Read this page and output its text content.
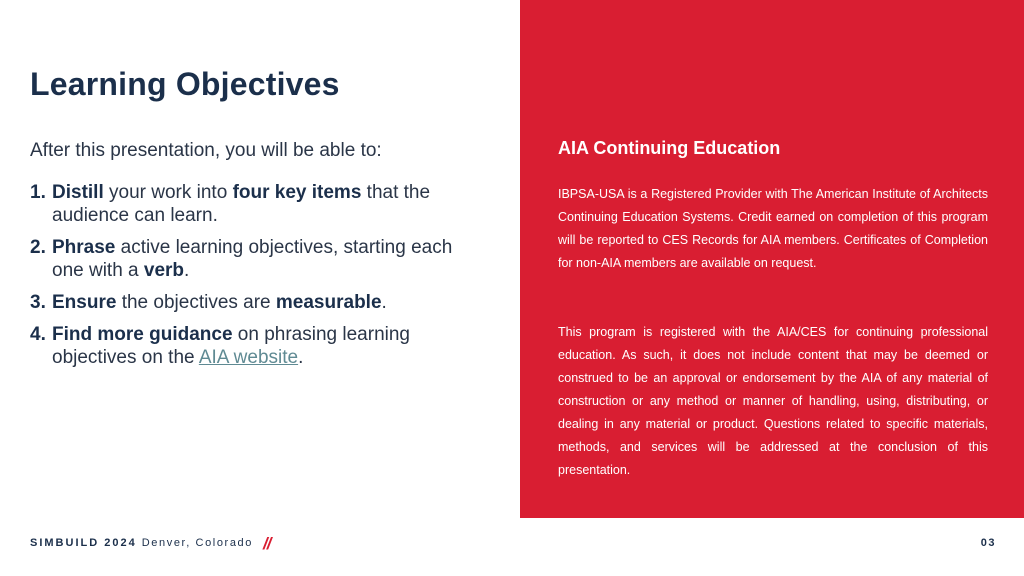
Learning Objectives

After this presentation, you will be able to:

1. Distill your work into four key items that the audience can learn.
2. Phrase active learning objectives, starting each one with a verb.
3. Ensure the objectives are measurable.
4. Find more guidance on phrasing learning objectives on the AIA website.
AIA Continuing Education

IBPSA-USA is a Registered Provider with The American Institute of Architects Continuing Education Systems. Credit earned on completion of this program will be reported to CES Records for AIA members. Certificates of Completion for non-AIA members are available on request.

This program is registered with the AIA/CES for continuing professional education. As such, it does not include content that may be deemed or construed to be an approval or endorsement by the AIA of any material of construction or any method or manner of handling, using, distributing, or dealing in any material or product. Questions related to specific materials, methods, and services will be addressed at the conclusion of this presentation.

SIMBUILD 2024 Denver, Colorado //	03
